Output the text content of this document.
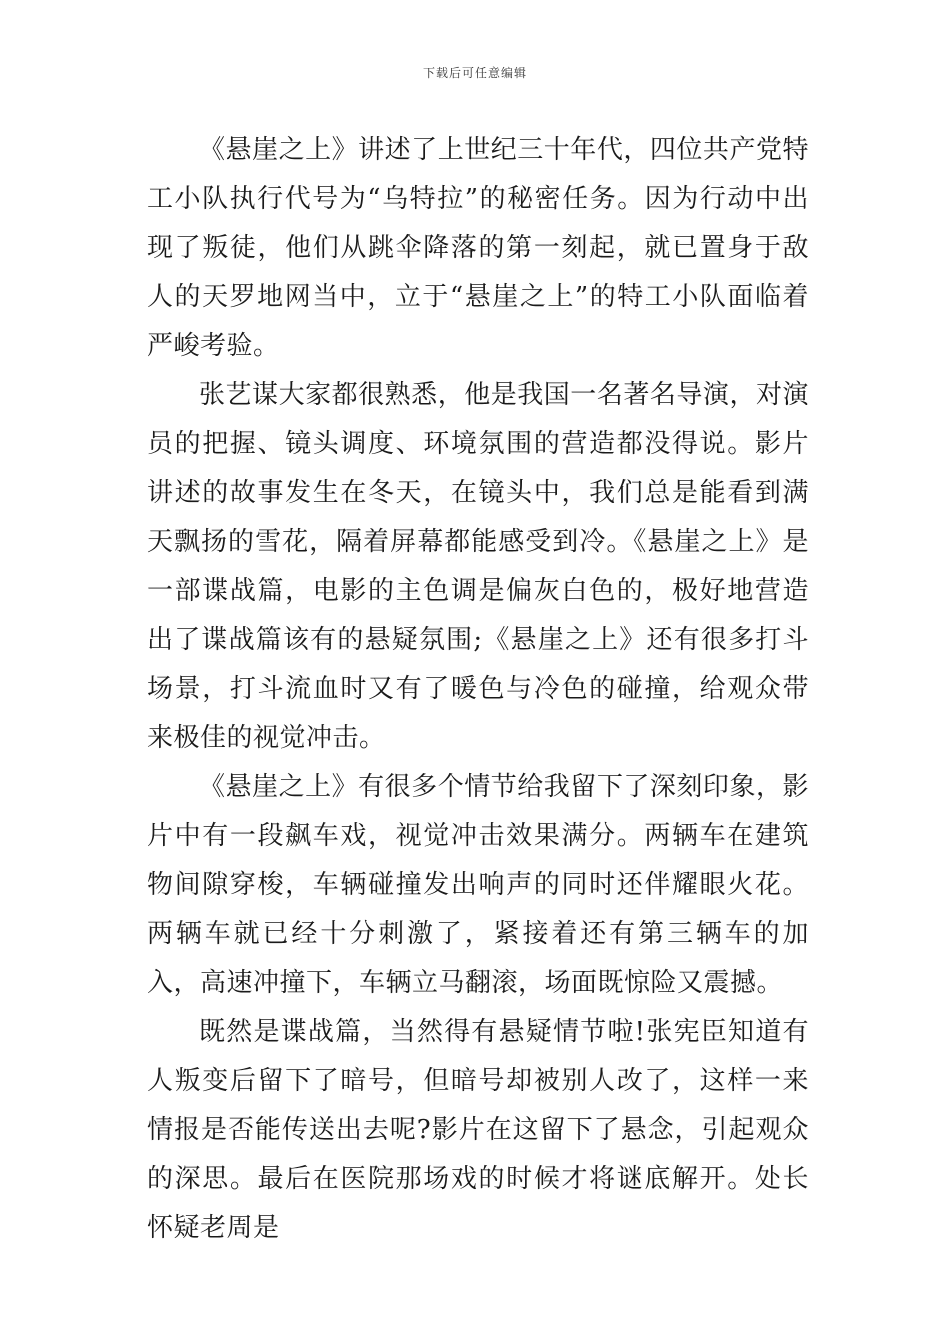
下载后可任意编辑

《悬崖之上》讲述了上世纪三十年代，四位共产党特工小队执行代号为“乌特拉”的秘密任务。因为行动中出现了叛徒，他们从跳伞降落的第一刻起，就已置身于敌人的天罗地网当中，立于“悬崖之上”的特工小队面临着严峻考验。

张艺谋大家都很熟悉，他是我国一名著名导演，对演员的把握、镜头调度、环境氛围的营造都没得说。影片讲述的故事发生在冬天，在镜头中，我们总是能看到满天飘扬的雪花，隔着屏幕都能感受到冷。《悬崖之上》是一部谍战篇，电影的主色调是偏灰白色的，极好地营造出了谍战篇该有的悬疑氛围;《悬崖之上》还有很多打斗场景，打斗流血时又有了暖色与冷色的碰撞，给观众带来极佳的视觉冲击。

《悬崖之上》有很多个情节给我留下了深刻印象，影片中有一段飙车戏，视觉冲击效果满分。两辆车在建筑物间隙穿梭，车辆碰撞发出响声的同时还伴耀眼火花。两辆车就已经十分刺激了，紧接着还有第三辆车的加入，高速冲撞下，车辆立马翻滚，场面既惊险又震撼。

既然是谍战篇，当然得有悬疑情节啦!张宪臣知道有人叛变后留下了暗号，但暗号却被别人改了，这样一来情报是否能传送出去呢?影片在这留下了悬念，引起观众的深思。最后在医院那场戏的时候才将谜底解开。处长怀疑老周是
